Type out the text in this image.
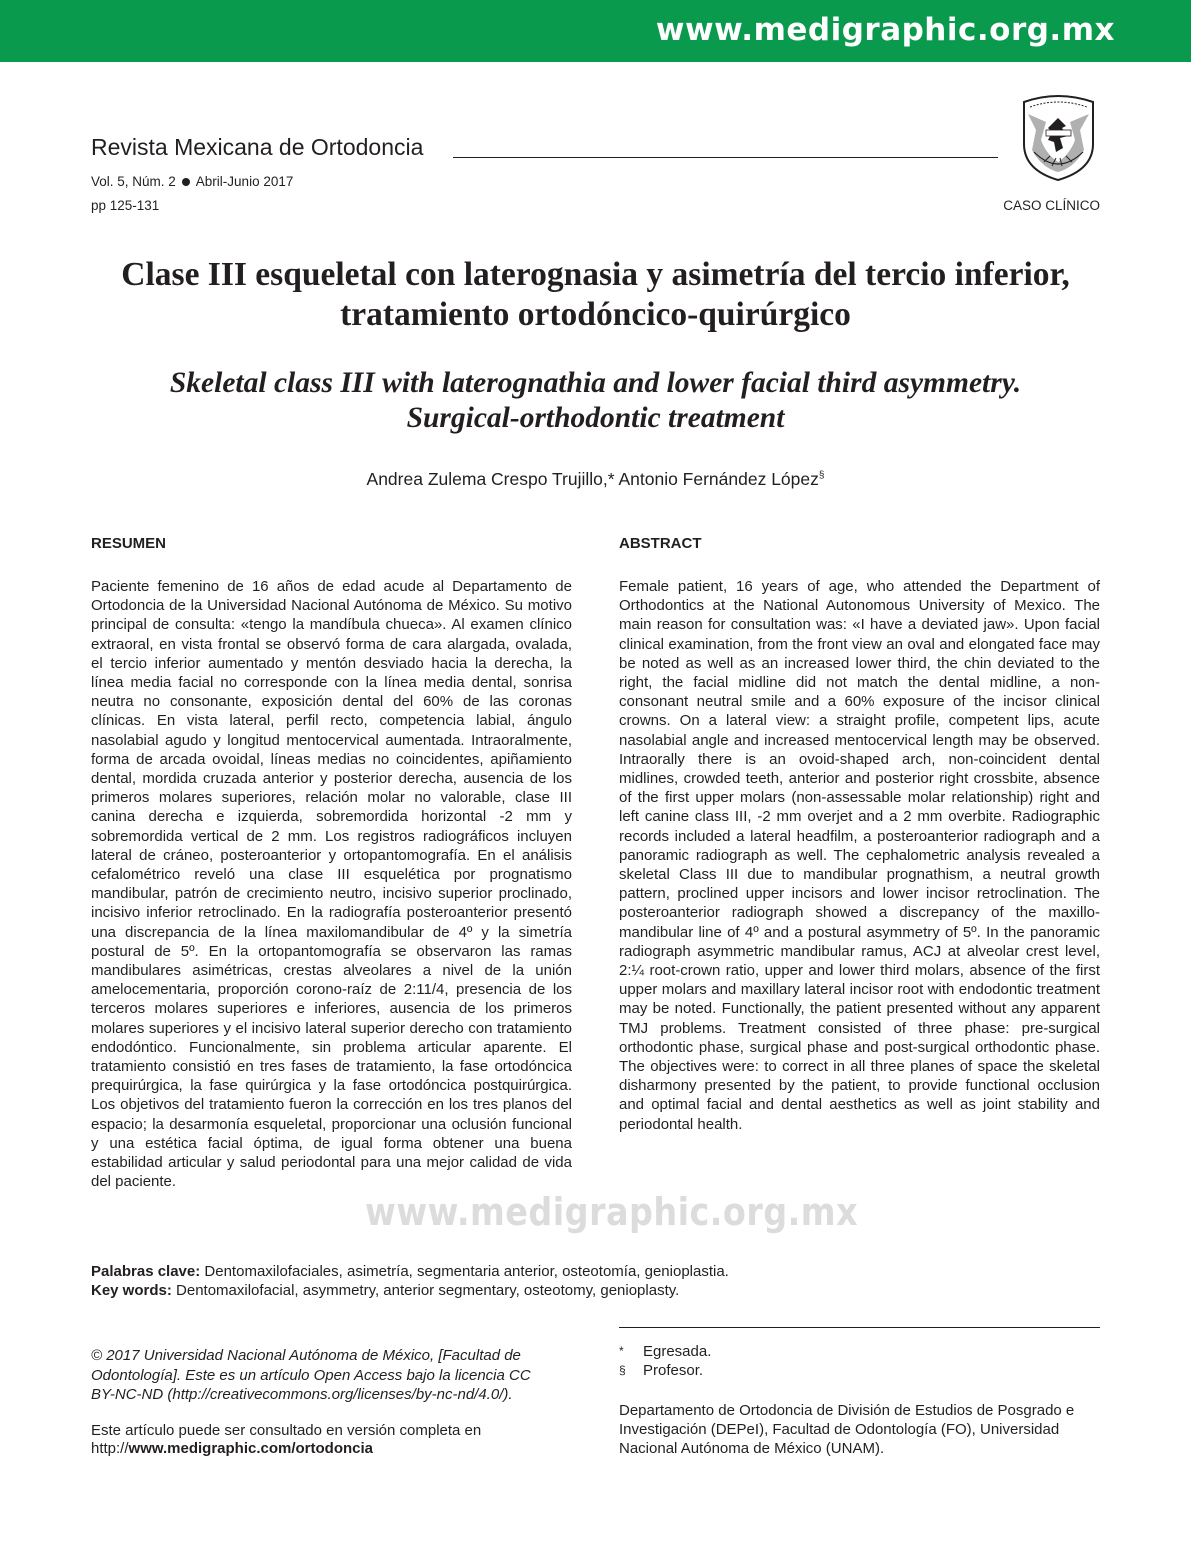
www.medigraphic.org.mx
Revista Mexicana de Ortodoncia
Vol. 5, Núm. 2 Abril-Junio 2017
pp 125-131	CASO CLÍNICO
Clase III esqueletal con laterognasia y asimetría del tercio inferior, tratamiento ortodóncico-quirúrgico
Skeletal class III with laterognathia and lower facial third asymmetry. Surgical-orthodontic treatment
Andrea Zulema Crespo Trujillo,* Antonio Fernández López§
RESUMEN

Paciente femenino de 16 años de edad acude al Departamento de Ortodoncia de la Universidad Nacional Autónoma de México. Su motivo principal de consulta: «tengo la mandíbula chueca». Al examen clínico extraoral, en vista frontal se observó forma de cara alargada, ovalada, el tercio inferior aumentado y mentón desviado hacia la derecha, la línea media facial no corresponde con la línea media dental, sonrisa neutra no consonante, exposición dental del 60% de las coronas clínicas. En vista lateral, perfil recto, competencia labial, ángulo nasolabial agudo y longitud mentocervical aumentada. Intraoralmente, forma de arcada ovoidal, líneas medias no coincidentes, apiñamiento dental, mordida cruzada anterior y posterior derecha, ausencia de los primeros molares superiores, relación molar no valorable, clase III canina derecha e izquierda, sobremordida horizontal -2 mm y sobremordida vertical de 2 mm. Los registros radiográficos incluyen lateral de cráneo, posteroanterior y ortopantomografía. En el análisis cefalométrico reveló una clase III esquelética por prognatismo mandibular, patrón de crecimiento neutro, incisivo superior proclinado, incisivo inferior retroclinado. En la radiografía posteroanterior presentó una discrepancia de la línea maxilomandibular de 4º y la simetría postural de 5º. En la ortopantomografía se observaron las ramas mandibulares asimétricas, crestas alveolares a nivel de la unión amelocementaria, proporción corono-raíz de 2:11/4, presencia de los terceros molares superiores e inferiores, ausencia de los primeros molares superiores y el incisivo lateral superior derecho con tratamiento endodóntico. Funcionalmente, sin problema articular aparente. El tratamiento consistió en tres fases de tratamiento, la fase ortodóncica prequirúrgica, la fase quirúrgica y la fase ortodóncica postquirúrgica. Los objetivos del tratamiento fueron la corrección en los tres planos del espacio; la desarmonía esqueletal, proporcionar una oclusión funcional y una estética facial óptima, de igual forma obtener una buena estabilidad articular y salud periodontal para una mejor calidad de vida del paciente.

ABSTRACT

Female patient, 16 years of age, who attended the Department of Orthodontics at the National Autonomous University of Mexico. The main reason for consultation was: «I have a deviated jaw». Upon facial clinical examination, from the front view an oval and elongated face may be noted as well as an increased lower third, the chin deviated to the right, the facial midline did not match the dental midline, a non-consonant neutral smile and a 60% exposure of the incisor clinical crowns. On a lateral view: a straight profile, competent lips, acute nasolabial angle and increased mentocervical length may be observed. Intraorally there is an ovoid-shaped arch, non-coincident dental midlines, crowded teeth, anterior and posterior right crossbite, absence of the first upper molars (non-assessable molar relationship) right and left canine class III, -2 mm overjet and a 2 mm overbite. Radiographic records included a lateral headfilm, a posteroanterior radiograph and a panoramic radiograph as well. The cephalometric analysis revealed a skeletal Class III due to mandibular prognathism, a neutral growth pattern, proclined upper incisors and lower incisor retroclination. The posteroanterior radiograph showed a discrepancy of the maxillo-mandibular line of 4º and a postural asymmetry of 5º. In the panoramic radiograph asymmetric mandibular ramus, ACJ at alveolar crest level, 2:¼ root-crown ratio, upper and lower third molars, absence of the first upper molars and maxillary lateral incisor root with endodontic treatment may be noted. Functionally, the patient presented without any apparent TMJ problems. Treatment consisted of three phase: pre-surgical orthodontic phase, surgical phase and post-surgical orthodontic phase. The objectives were: to correct in all three planes of space the skeletal disharmony presented by the patient, to provide functional occlusion and optimal facial and dental aesthetics as well as joint stability and periodontal health.

www.medigraphic.org.mx
Palabras clave: Dentomaxilofaciales, asimetría, segmentaria anterior, osteotomía, genioplastia.
Key words: Dentomaxilofacial, asymmetry, anterior segmentary, osteotomy, genioplasty.

© 2017 Universidad Nacional Autónoma de México, [Facultad de Odontología]. Este es un artículo Open Access bajo la licencia CC BY-NC-ND (http://creativecommons.org/licenses/by-nc-nd/4.0/).

Este artículo puede ser consultado en versión completa en
http://www.medigraphic.com/ortodoncia

* Egresada.
§ Profesor.

Departamento de Ortodoncia de División de Estudios de Posgrado e Investigación (DEPeI), Facultad de Odontología (FO), Universidad Nacional Autónoma de México (UNAM).
